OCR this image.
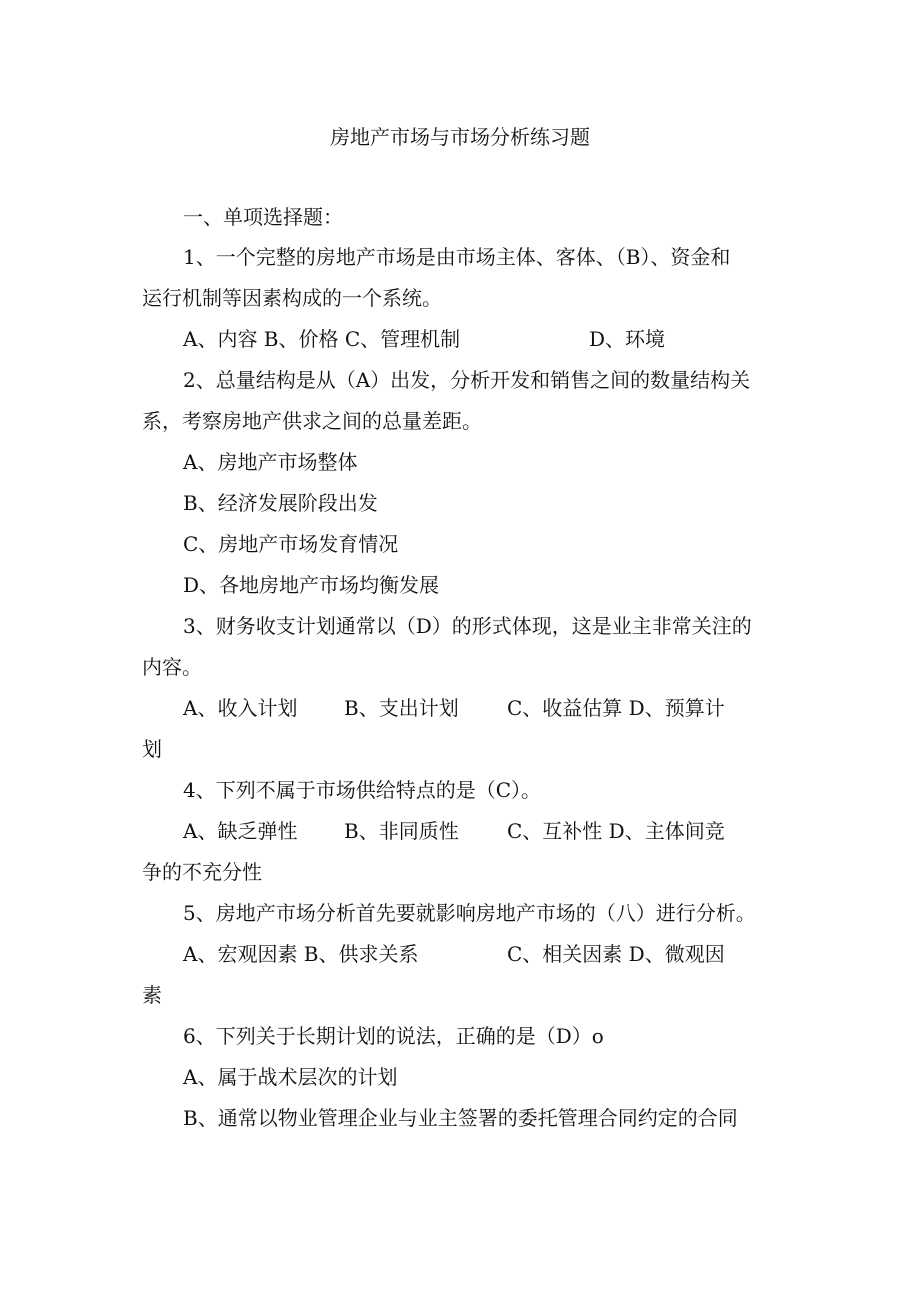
房地产市场与市场分析练习题
一、单项选择题：
1、一个完整的房地产市场是由市场主体、客体、（B）、资金和
运行机制等因素构成的一个系统。
A、内容 B、价格 C、管理机制	D、环境
2、总量结构是从（A）出发，分析开发和销售之间的数量结构关
系，考察房地产供求之间的总量差距。
A、房地产市场整体
B、经济发展阶段出发
C、房地产市场发育情况
D、各地房地产市场均衡发展
3、财务收支计划通常以（D）的形式体现，这是业主非常关注的
内容。
A、收入计划 B、支出计划 C、收益估算 D、预算计
划
4、下列不属于市场供给特点的是（C）。
A、缺乏弹性 B、非同质性 C、互补性 D、主体间竞
争的不充分性
5、房地产市场分析首先要就影响房地产市场的（八）进行分析。
A、宏观因素 B、供求关系	C、相关因素 D、微观因
素
6、下列关于长期计划的说法，正确的是（D）o
A、属于战术层次的计划
B、通常以物业管理企业与业主签署的委托管理合同约定的合同
